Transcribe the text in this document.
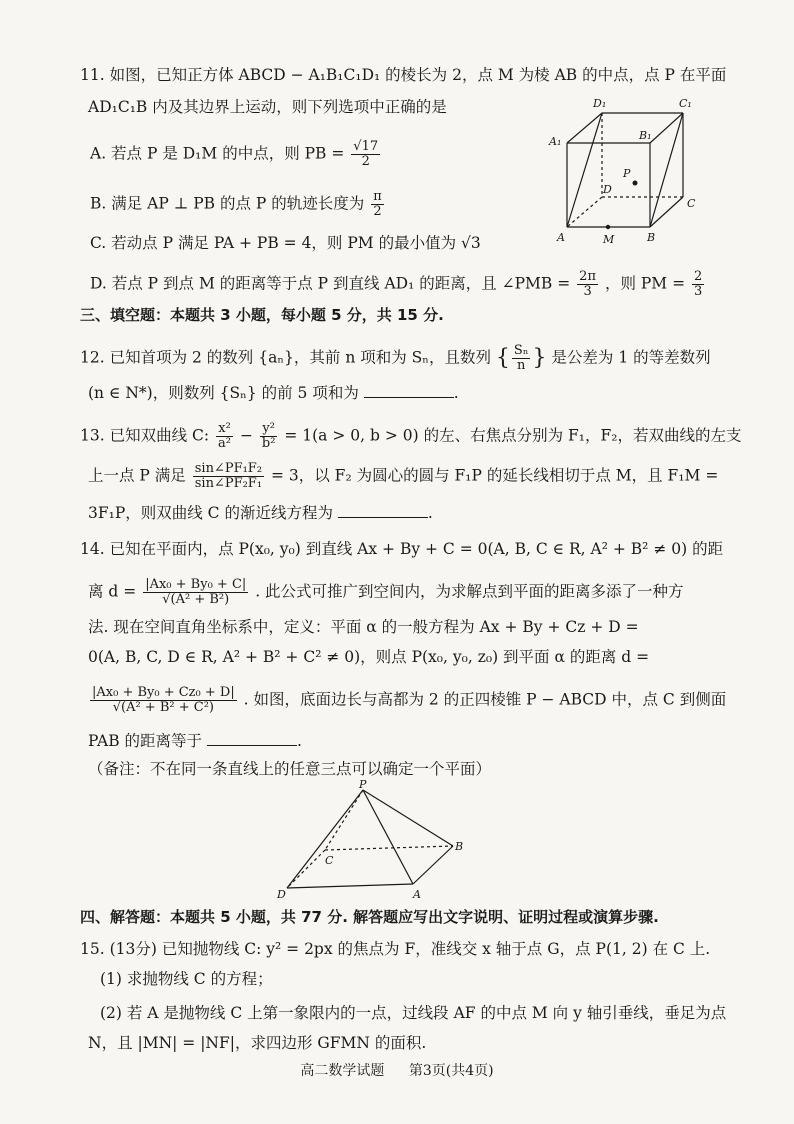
11. 如图，已知正方体 ABCD − A₁B₁C₁D₁ 的棱长为 2，点 M 为棱 AB 的中点，点 P 在平面
AD₁C₁B 内及其边界上运动，则下列选项中正确的是
A. 若点 P 是 D₁M 的中点，则 PB = $\frac{√17}{2}$
B. 满足 AP ⊥ PB 的点 P 的轨迹长度为 $\frac{\pi}{2}$
C. 若动点 P 满足 PA + PB = 4，则 PM 的最小值为 √3
D. 若点 P 到点 M 的距离等于点 P 到直线 AD₁ 的距离，且 ∠PMB = $\frac{2\pi}{3}$ ，则 PM = $\frac{2}{3}$
D₁	C₁
A₁	B₁
P
D
C
A	M	B
三、填空题：本题共 3 小题，每小题 5 分，共 15 分.
12. 已知首项为 2 的数列 {aₙ}，其前 n 项和为 Sₙ，且数列 { $\frac{\text{Sₙ}}{n}$ } 是公差为 1 的等差数列
(n ∈ N*)，则数列 {Sₙ} 的前 5 项和为	.
13. 已知双曲线 C: $\frac{\text{x²}}{\text{a²}} - \frac{\text{y²}}{\text{b²}} = 1(a > 0$, b > 0) 的左、右焦点分别为 F₁，F₂，若双曲线的左支
上一点 P 满足 $\frac{\text{sin∠PF₁F₂}}{\text{sin∠PF₂F₁}} = 3$，以 F₂ 为圆心的圆与 F₁P 的延长线相切于点 M，且 F₁M =
3F₁P，则双曲线 C 的渐近线方程为	.
14. 已知在平面内，点 P(x₀, y₀) 到直线 Ax + By + C = 0(A, B, C ∈ R, A² + B² ≠ 0) 的距
离 $d = \frac{\text{|Ax₀ + By₀ + C|}}{\text{√(A² + B²)}}$ . 此公式可推广到空间内，为求解点到平面的距离多添了一种方
法. 现在空间直角坐标系中，定义：平面 α 的一般方程为 Ax + By + Cz + D =
0(A, B, C, D ∈ R, A² + B² + C² ≠ 0)，则点 P(x₀, y₀, z₀) 到平面 α 的距离 d =
$\frac{\text{|Ax₀ + By₀ + Cz₀ + D|}}{\text{√(A² + B² + C²)}}$ . 如图，底面边长与高都为 2 的正四棱锥 P − ABCD 中，点 C 到侧面
PAB 的距离等于	.
（备注：不在同一条直线上的任意三点可以确定一个平面）
P
C
B
D	A
四、解答题：本题共 5 小题，共 77 分. 解答题应写出文字说明、证明过程或演算步骤.
15. (13分) 已知抛物线 C: y² = 2px 的焦点为 F，准线交 x 轴于点 G，点 P(1, 2) 在 C 上.
(1) 求抛物线 C 的方程；
(2) 若 A 是抛物线 C 上第一象限内的一点，过线段 AF 的中点 M 向 y 轴引垂线，垂足为点
N，且 |MN| = |NF|，求四边形 GFMN 的面积.
高二数学试题 第3页(共4页)
